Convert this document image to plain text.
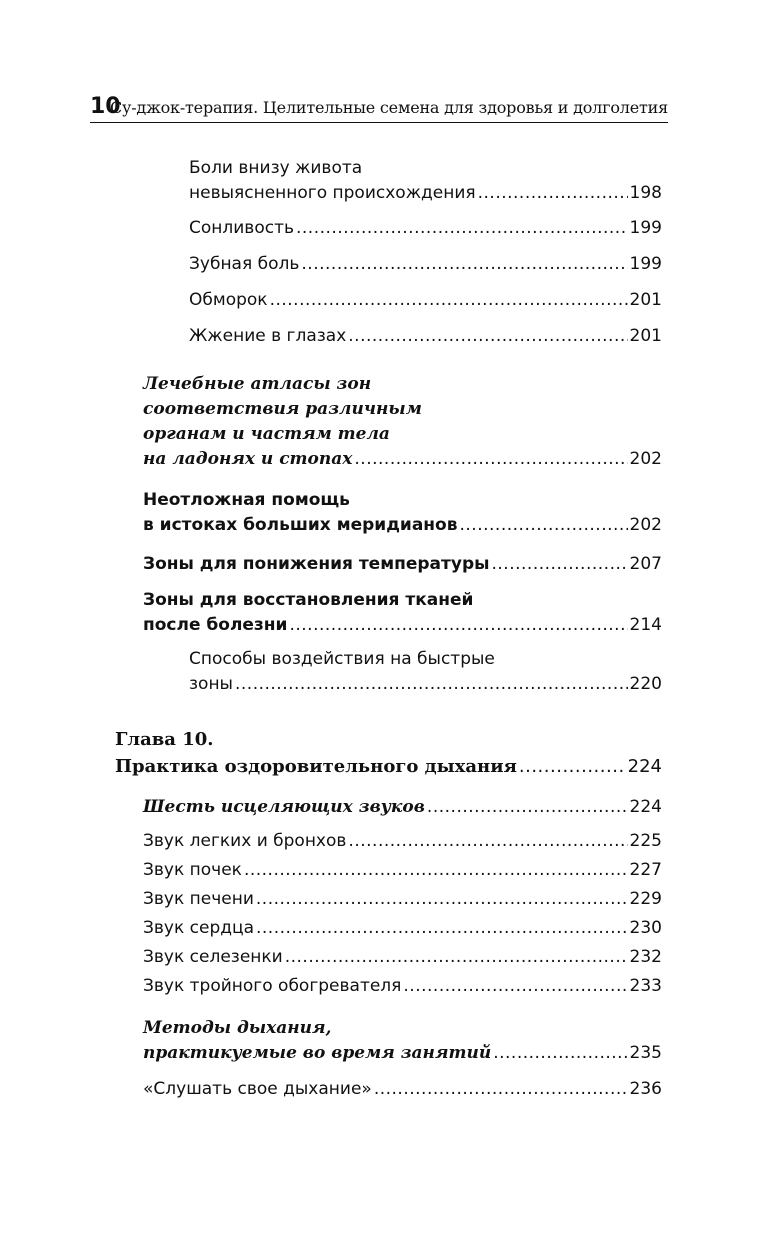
10
Су-джок-терапия. Целительные семена для здоровья и долголетия
Боли внизу живота
невыясненного происхождения .....	198
Сонливость .....	199
Зубная боль .....	199
Обморок .....	201
Жжение в глазах .....	201
Лечебные атласы зон
соответствия различным
органам и частям тела
на ладонях и стопах .....	202
Неотложная помощь
в истоках больших меридианов .....	202
Зоны для понижения температуры .....	207
Зоны для восстановления тканей
после болезни .....	214
Способы воздействия на быстрые
зоны .....	220
Глава 10.
Практика оздоровительного дыхания .....	224
Шесть исцеляющих звуков .....	224
Звук легких и бронхов .....	225
Звук почек .....	227
Звук печени .....	229
Звук сердца .....	230
Звук селезенки .....	232
Звук тройного обогревателя .....	233
Методы дыхания,
практикуемые во время занятий .....	235
«Слушать свое дыхание» .....	236
